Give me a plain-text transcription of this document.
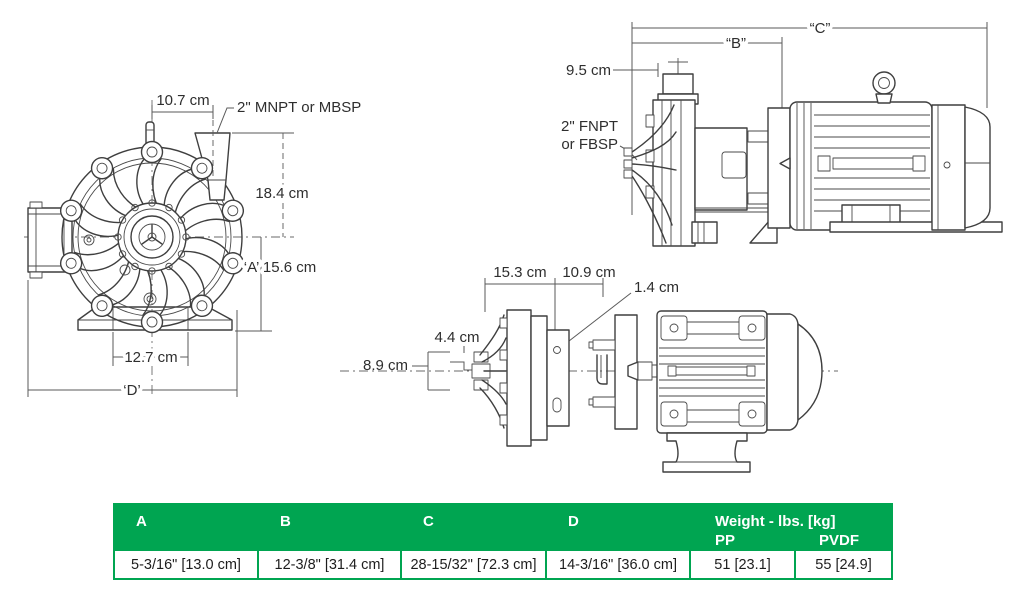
10.7 cm 2" MNPT or MBSP
18.4 cm
‘A’ 15.6 cm
12.7 cm
‘D’
“C”
“B”
9.5 cm
2" FNPT
or FBSP
15.3 cm 10.9 cm
1.4 cm
4.4 cm
8.9 cm
A	B	C	D	Weight - lbs. [kg]
PP	PVDF
5-3/16" [13.0 cm]	12-3/8" [31.4 cm]	28-15/32" [72.3 cm]	14-3/16" [36.0 cm]	51 [23.1]	55 [24.9]
